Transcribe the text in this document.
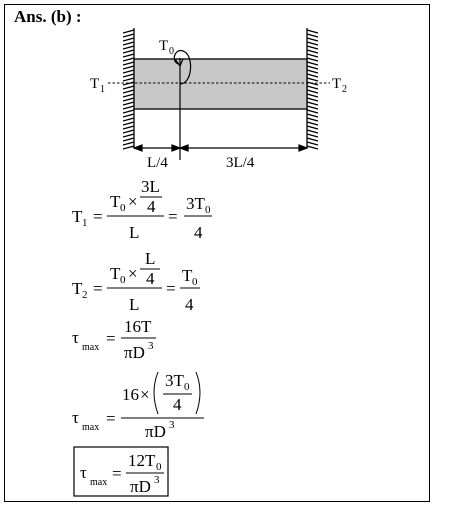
Ans. (b) :
T 0
T 1	T 2
L/4	3L/4
T 1 =
T 0 ×
3L
4
L
=
3T 0
4
T 2 =
T 0 ×
L
4
L
=
T 0
4
τ
max =
16T
πD 3
τ
max =
16 ×
3T 0
4
πD 3
τ
max =
12T 0
πD 3
